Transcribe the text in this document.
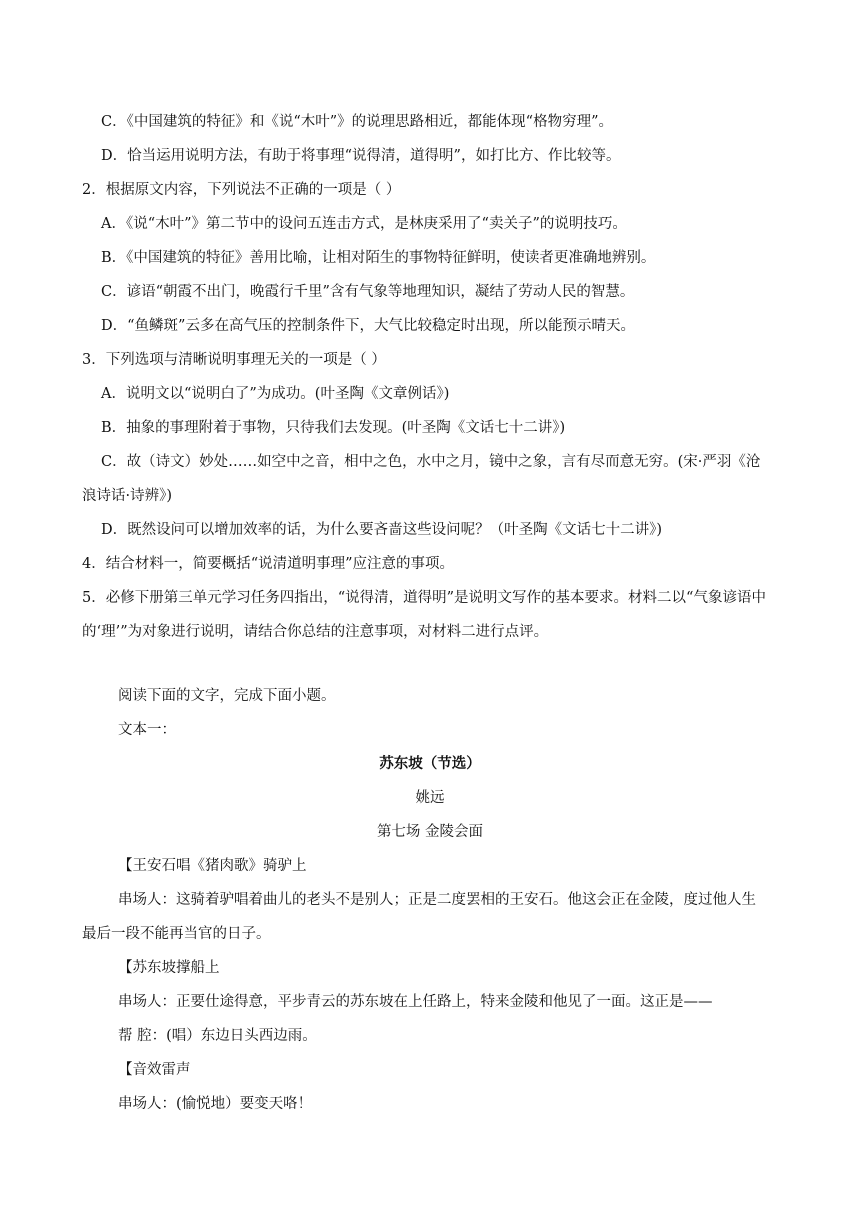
C．《中国建筑的特征》和《说“木叶”》的说理思路相近，都能体现“格物穷理”。
D．恰当运用说明方法，有助于将事理“说得清，道得明”，如打比方、作比较等。
2．根据原文内容，下列说法不正确的一项是（ ）
A．《说“木叶”》第二节中的设问五连击方式，是林庚采用了“卖关子”的说明技巧。
B．《中国建筑的特征》善用比喻，让相对陌生的事物特征鲜明，使读者更准确地辨别。
C．谚语“朝霞不出门，晚霞行千里”含有气象等地理知识，凝结了劳动人民的智慧。
D．“鱼鳞斑”云多在高气压的控制条件下，大气比较稳定时出现，所以能预示晴天。
3．下列选项与清晰说明事理无关的一项是（ ）
A．说明文以“说明白了”为成功。(叶圣陶《文章例话》)
B．抽象的事理附着于事物，只待我们去发现。(叶圣陶《文话七十二讲》)
C．故（诗文）妙处……如空中之音，相中之色，水中之月，镜中之象，言有尽而意无穷。(宋·严羽《沧
浪诗话·诗辨》)
D．既然设问可以增加效率的话，为什么要吝啬这些设问呢？（叶圣陶《文话七十二讲》)
4．结合材料一，简要概括“说清道明事理”应注意的事项。
5．必修下册第三单元学习任务四指出，“说得清，道得明”是说明文写作的基本要求。材料二以“气象谚语中
的‘理’”为对象进行说明，请结合你总结的注意事项，对材料二进行点评。
阅读下面的文字，完成下面小题。
文本一：
苏东坡（节选）
姚远
第七场 金陵会面
【王安石唱《猪肉歌》骑驴上
串场人：这骑着驴唱着曲儿的老头不是别人；正是二度罢相的王安石。他这会正在金陵，度过他人生
最后一段不能再当官的日子。
【苏东坡撑船上
串场人：正要仕途得意，平步青云的苏东坡在上任路上，特来金陵和他见了一面。这正是——
帮 腔：(唱）东边日头西边雨。
【音效雷声
串场人：(愉悦地）要变天咯！
